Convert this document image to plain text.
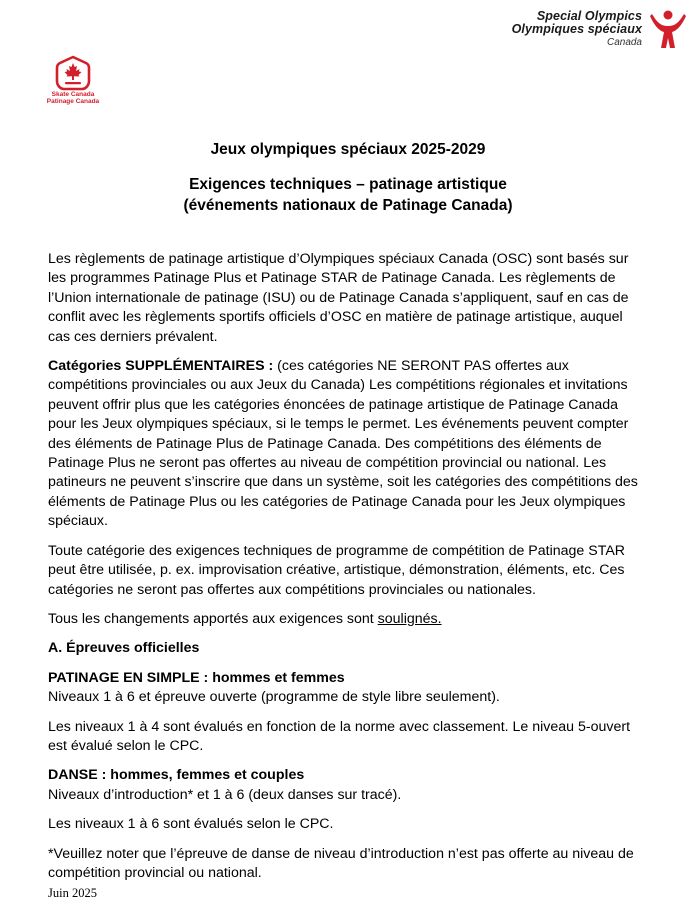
Special Olympics
Olympiques spéciaux
Canada
Skate Canada
Patinage Canada
Jeux olympiques spéciaux 2025-2029
Exigences techniques – patinage artistique
(événements nationaux de Patinage Canada)

Les règlements de patinage artistique d’Olympiques spéciaux Canada (OSC) sont basés sur les programmes Patinage Plus et Patinage STAR de Patinage Canada. Les règlements de l’Union internationale de patinage (ISU) ou de Patinage Canada s’appliquent, sauf en cas de conflit avec les règlements sportifs officiels d’OSC en matière de patinage artistique, auquel cas ces derniers prévalent.

Catégories SUPPLÉMENTAIRES : (ces catégories NE SERONT PAS offertes aux compétitions provinciales ou aux Jeux du Canada) Les compétitions régionales et invitations peuvent offrir plus que les catégories énoncées de patinage artistique de Patinage Canada pour les Jeux olympiques spéciaux, si le temps le permet. Les événements peuvent compter des éléments de Patinage Plus de Patinage Canada. Des compétitions des éléments de Patinage Plus ne seront pas offertes au niveau de compétition provincial ou national. Les patineurs ne peuvent s’inscrire que dans un système, soit les catégories des compétitions des éléments de Patinage Plus ou les catégories de Patinage Canada pour les Jeux olympiques spéciaux.

Toute catégorie des exigences techniques de programme de compétition de Patinage STAR peut être utilisée, p. ex. improvisation créative, artistique, démonstration, éléments, etc. Ces catégories ne seront pas offertes aux compétitions provinciales ou nationales.

Tous les changements apportés aux exigences sont soulignés.

A. Épreuves officielles

PATINAGE EN SIMPLE : hommes et femmes
Niveaux 1 à 6 et épreuve ouverte (programme de style libre seulement).

Les niveaux 1 à 4 sont évalués en fonction de la norme avec classement. Le niveau 5-ouvert est évalué selon le CPC.

DANSE : hommes, femmes et couples
Niveaux d’introduction* et 1 à 6 (deux danses sur tracé).

Les niveaux 1 à 6 sont évalués selon le CPC.

*Veuillez noter que l’épreuve de danse de niveau d’introduction n’est pas offerte au niveau de compétition provincial ou national.

Juin 2025
